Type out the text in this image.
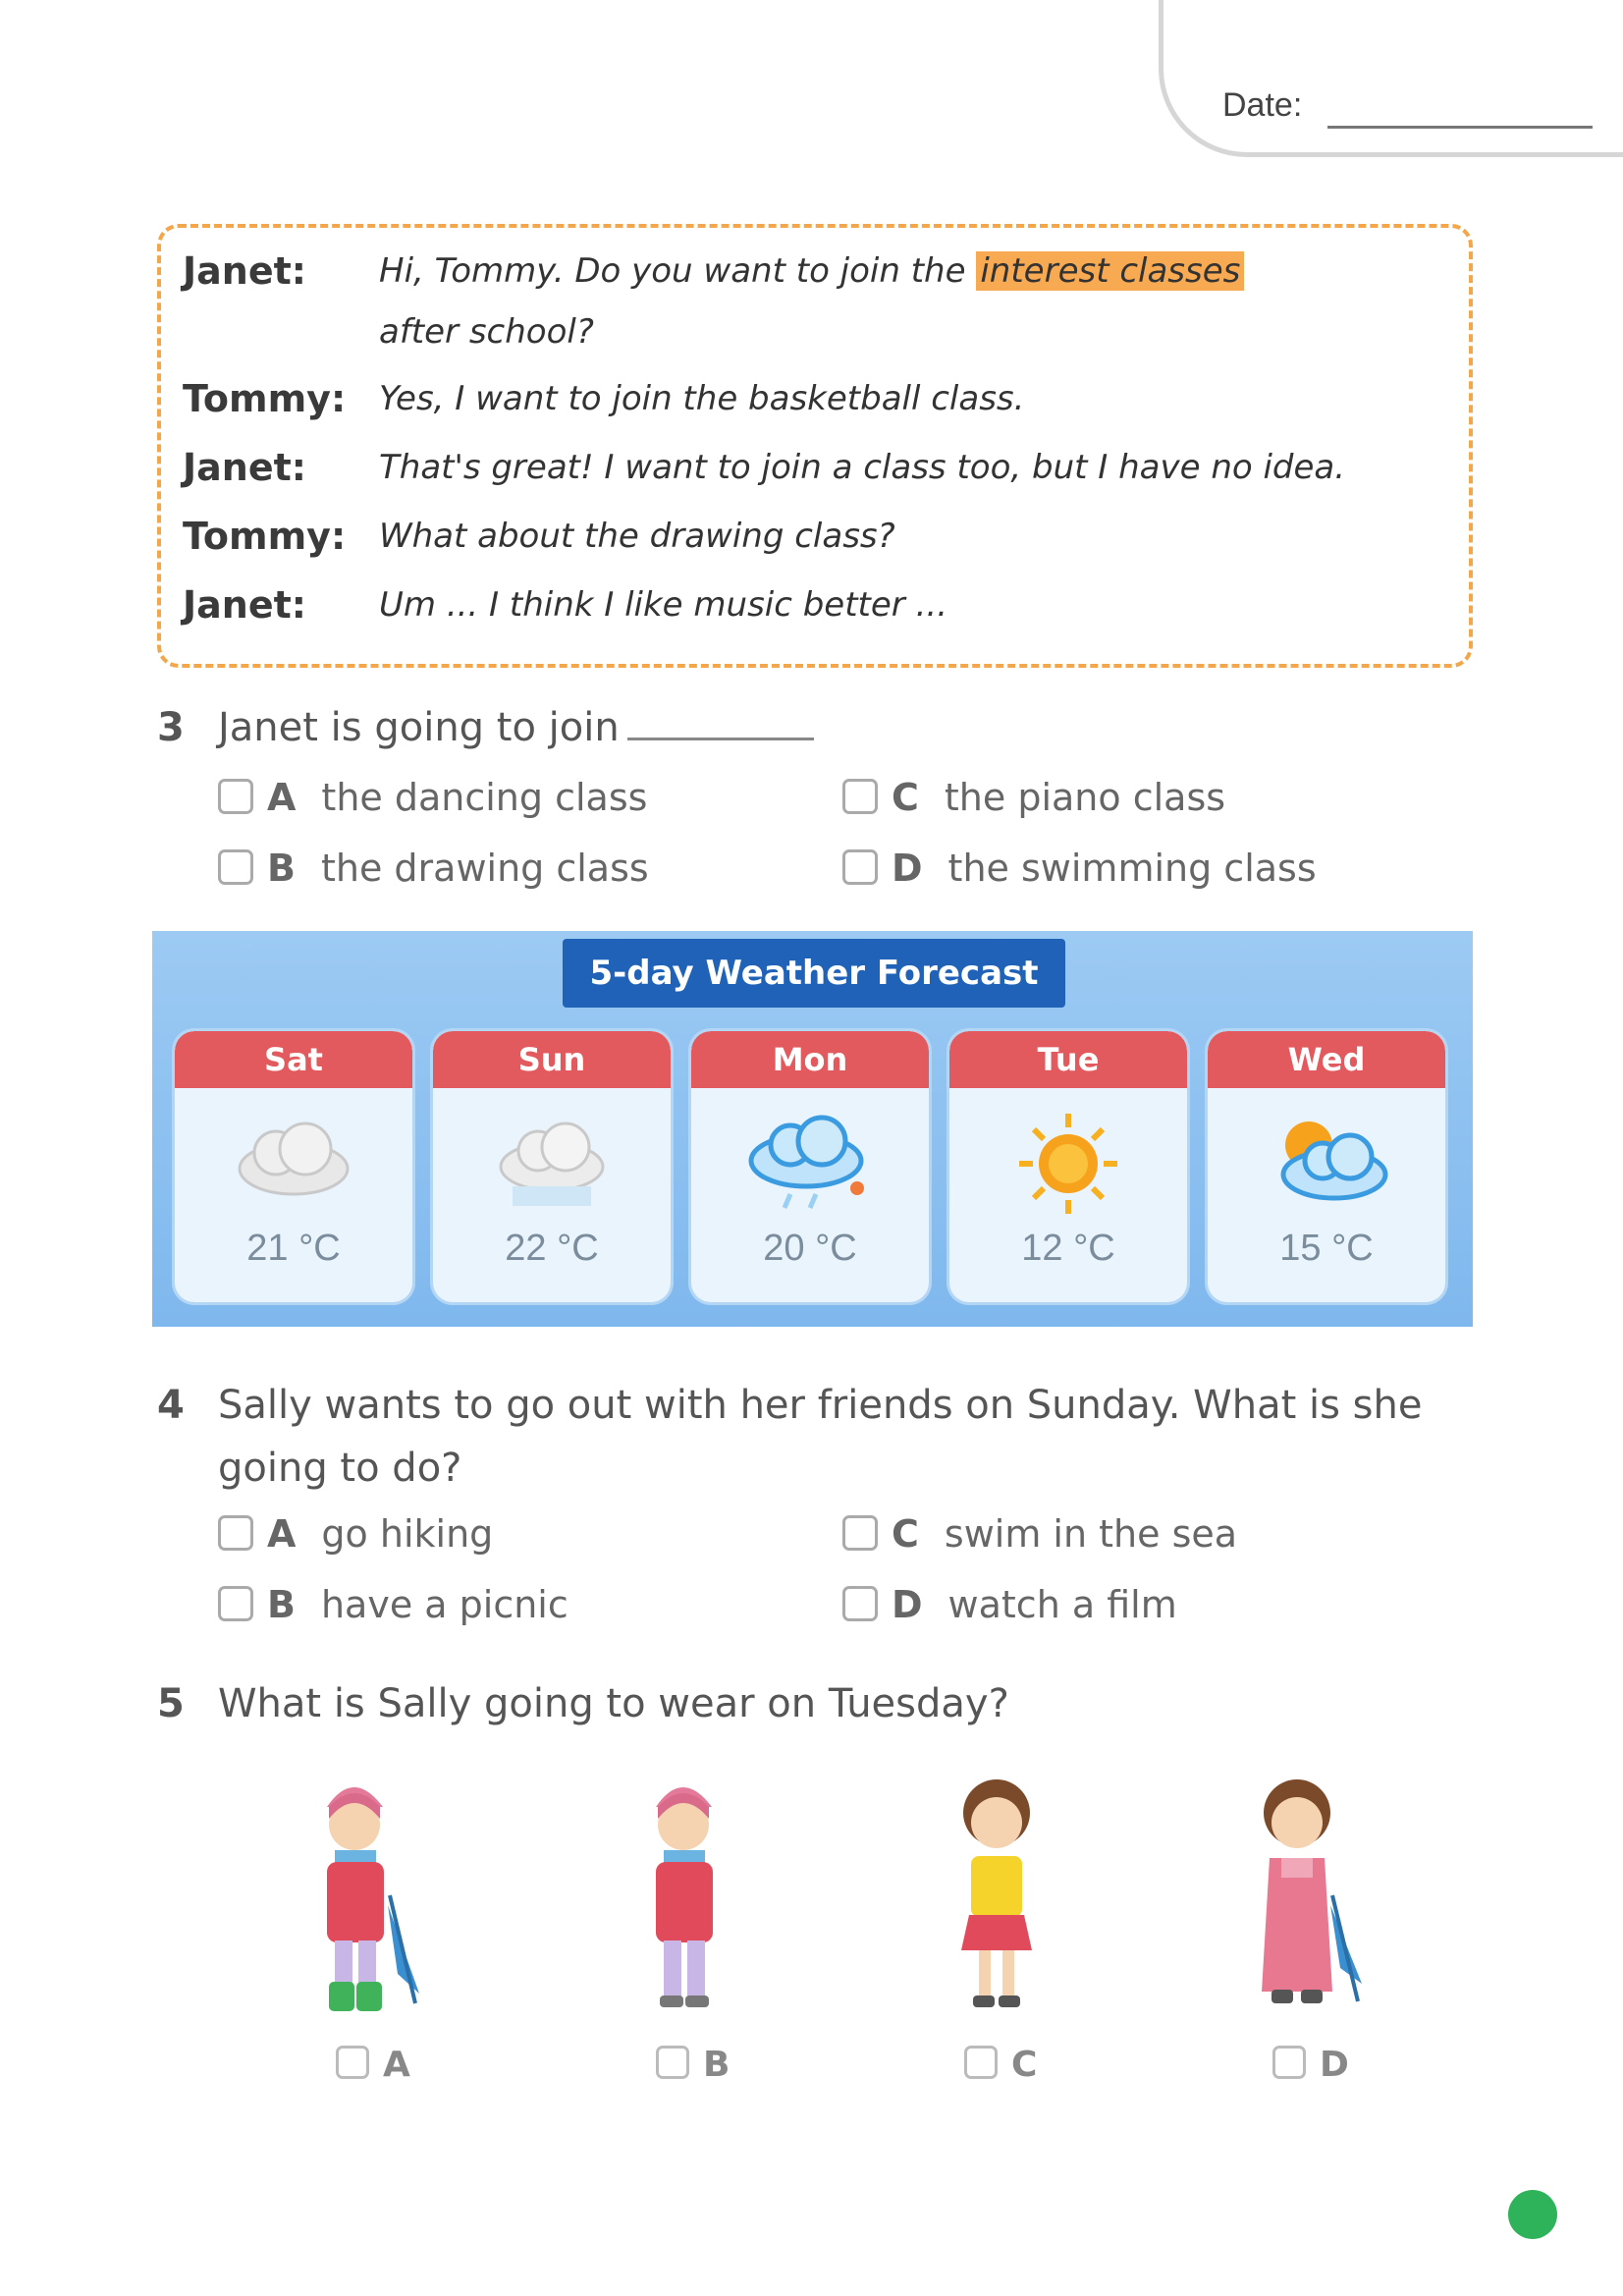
Date:
Janet: Hi, Tommy. Do you want to join the interest classes
after school?
Tommy: Yes, I want to join the basketball class.
Janet: That's great! I want to join a class too, but I have no idea.
Tommy: What about the drawing class?
Janet: Um ... I think I like music better ...
3 Janet is going to join
A the dancing class
B the drawing class
C the piano class
D the swimming class
5-day Weather Forecast
Sat
21 °C
Sun
22 °C
Mon
20 °C
Tue
12 °C
Wed
15 °C
4 Sally wants to go out with her friends on Sunday. What is she
going to do?
A go hiking
B have a picnic
C swim in the sea
D watch a film
5 What is Sally going to wear on Tuesday?
A	B	C	D
